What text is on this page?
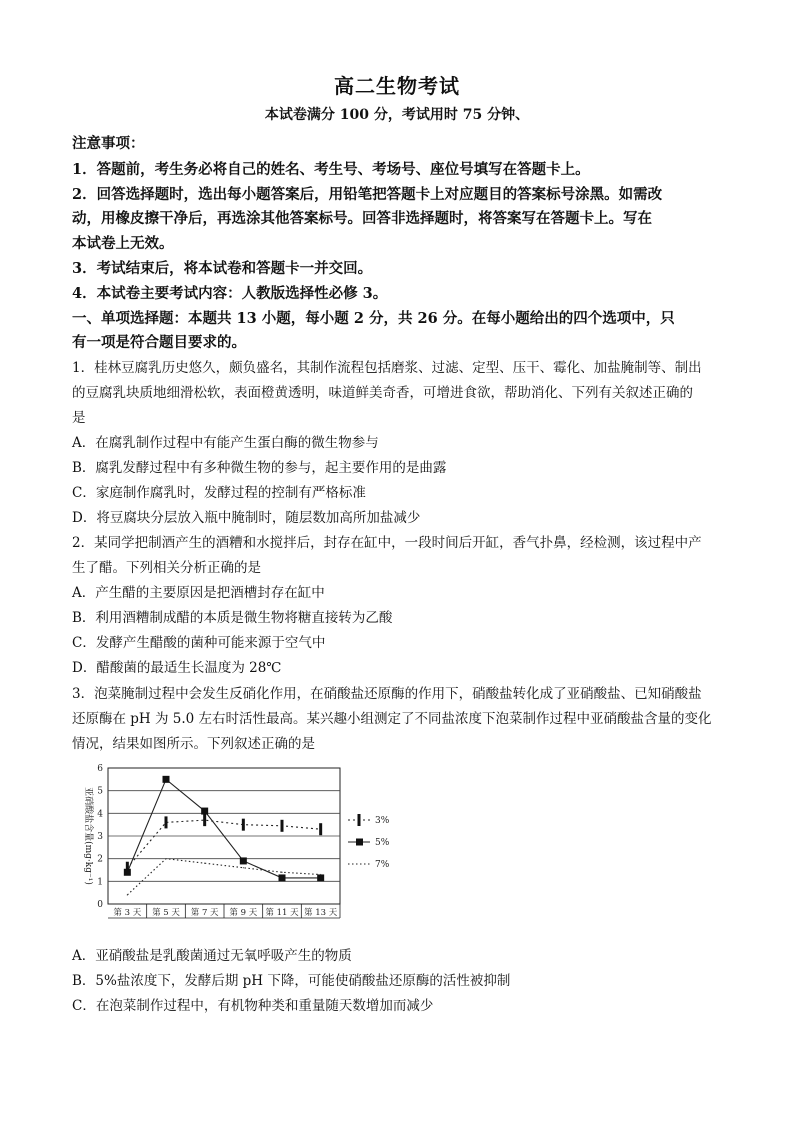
高二生物考试
本试卷满分 100 分，考试用时 75 分钟、
注意事项：
1．答题前，考生务必将自己的姓名、考生号、考场号、座位号填写在答题卡上。
2．回答选择题时，选出每小题答案后，用铅笔把答题卡上对应题目的答案标号涂黑。如需改
动，用橡皮擦干净后，再选涂其他答案标号。回答非选择题时，将答案写在答题卡上。写在
本试卷上无效。
3．考试结束后，将本试卷和答题卡一并交回。
4．本试卷主要考试内容：人教版选择性必修 3。
一、单项选择题：本题共 13 小题，每小题 2 分，共 26 分。在每小题给出的四个选项中，只
有一项是符合题目要求的。
1．桂林豆腐乳历史悠久，颇负盛名，其制作流程包括磨浆、过滤、定型、压干、霉化、加盐腌制等、制出
的豆腐乳块质地细滑松软，表面橙黄透明，味道鲜美奇香，可增进食欲，帮助消化、下列有关叙述正确的
是
A．在腐乳制作过程中有能产生蛋白酶的微生物参与
B．腐乳发酵过程中有多种微生物的参与，起主要作用的是曲露
C．家庭制作腐乳时，发酵过程的控制有严格标准
D．将豆腐块分层放入瓶中腌制时，随层数加高所加盐减少
2．某同学把制酒产生的酒糟和水搅拌后，封存在缸中，一段时间后开缸，香气扑鼻，经检测，该过程中产
生了醋。下列相关分析正确的是
A．产生醋的主要原因是把酒槽封存在缸中
B．利用酒糟制成醋的本质是微生物将糖直接转为乙酸
C．发酵产生醋酸的菌种可能来源于空气中
D．醋酸菌的最适生长温度为 28℃
3．泡菜腌制过程中会发生反硝化作用，在硝酸盐还原酶的作用下，硝酸盐转化成了亚硝酸盐、已知硝酸盐
还原酶在 pH 为 5.0 左右时活性最高。某兴趣小组测定了不同盐浓度下泡菜制作过程中亚硝酸盐含量的变化
情况，结果如图所示。下列叙述正确的是
0
1
2
3
4
5
6
第 3 天 第 5 天 第 7 天 第 9 天 第 11 天 第 13 天
亚硝酸盐含量(mg·kg⁻¹)	3%
5%
7%
A．亚硝酸盐是乳酸菌通过无氧呼吸产生的物质
B．5%盐浓度下，发酵后期 pH 下降，可能使硝酸盐还原酶的活性被抑制
C．在泡菜制作过程中，有机物种类和重量随天数增加而减少
